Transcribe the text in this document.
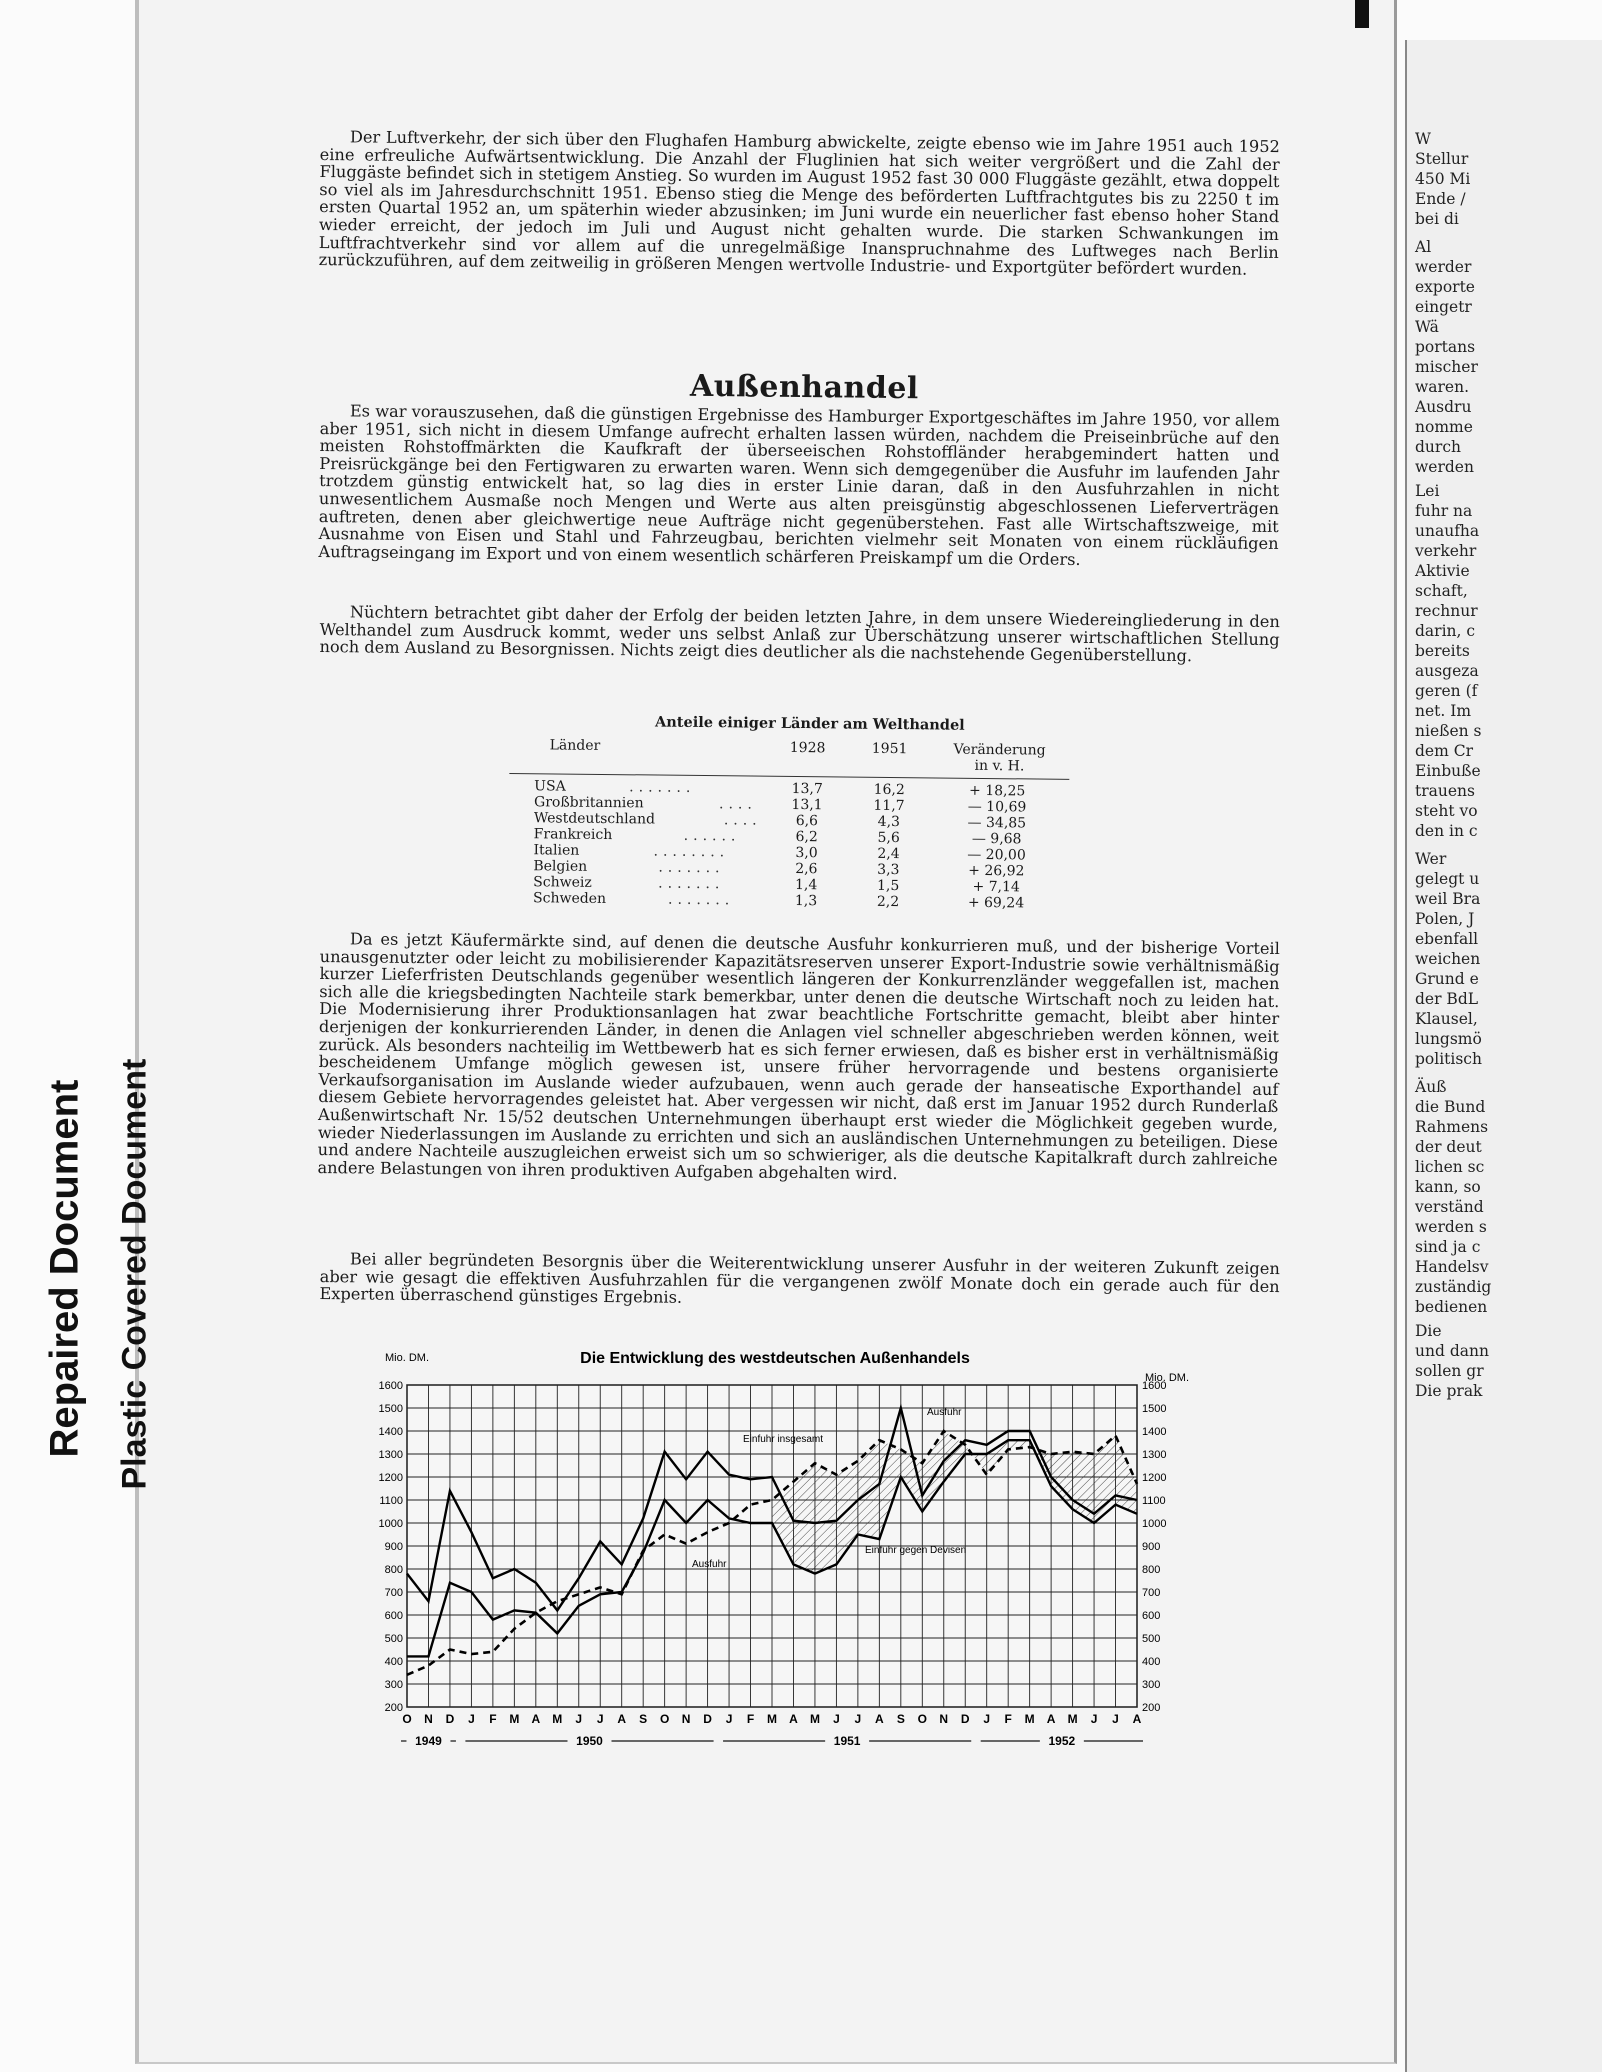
Repaired Document Plastic Covered Document

Der Luftverkehr, der sich über den Flughafen Hamburg abwickelte, zeigte ebenso wie im Jahre 1951 auch 1952 eine erfreuliche Aufwärtsentwicklung. Die Anzahl der Fluglinien hat sich weiter vergrößert und die Zahl der Fluggäste befindet sich in stetigem Anstieg. So wurden im August 1952 fast 30 000 Fluggäste gezählt, etwa doppelt so viel als im Jahresdurchschnitt 1951. Ebenso stieg die Menge des beförderten Luftfrachtgutes bis zu 2250 t im ersten Quartal 1952 an, um späterhin wieder abzusinken; im Juni wurde ein neuerlicher fast ebenso hoher Stand wieder erreicht, der jedoch im Juli und August nicht gehalten wurde. Die starken Schwankungen im Luftfrachtverkehr sind vor allem auf die unregelmäßige Inanspruchnahme des Luftweges nach Berlin zurückzuführen, auf dem zeitweilig in größeren Mengen wertvolle Industrie- und Exportgüter befördert wurden.

Außenhandel

Es war vorauszusehen, daß die günstigen Ergebnisse des Hamburger Exportgeschäftes im Jahre 1950, vor allem aber 1951, sich nicht in diesem Umfange aufrecht erhalten lassen würden, nachdem die Preiseinbrüche auf den meisten Rohstoffmärkten die Kaufkraft der überseeischen Rohstoffländer herabgemindert hatten und Preisrückgänge bei den Fertigwaren zu erwarten waren. Wenn sich demgegenüber die Ausfuhr im laufenden Jahr trotzdem günstig entwickelt hat, so lag dies in erster Linie daran, daß in den Ausfuhrzahlen in nicht unwesentlichem Ausmaße noch Mengen und Werte aus alten preisgünstig abgeschlossenen Lieferverträgen auftreten, denen aber gleichwertige neue Aufträge nicht gegenüberstehen. Fast alle Wirtschaftszweige, mit Ausnahme von Eisen und Stahl und Fahrzeugbau, berichten vielmehr seit Monaten von einem rückläufigen Auftragseingang im Export und von einem wesentlich schärferen Preiskampf um die Orders.

Nüchtern betrachtet gibt daher der Erfolg der beiden letzten Jahre, in dem unsere Wiedereingliederung in den Welthandel zum Ausdruck kommt, weder uns selbst Anlaß zur Überschätzung unserer wirtschaftlichen Stellung noch dem Ausland zu Besorgnissen. Nichts zeigt dies deutlicher als die nachstehende Gegenüberstellung.

Anteile einiger Länder am Welthandel
Länder	1928	1951	Veränderung in v. H.
USA	.......	13,7	16,2	+ 18,25
Großbritannien	....	13,1	11,7	— 10,69
Westdeutschland	....	6,6	4,3	— 34,85
Frankreich	......	6,2	5,6	— 9,68
Italien	........	3,0	2,4	— 20,00
Belgien	.......	2,6	3,3	+ 26,92
Schweiz	.......	1,4	1,5	+ 7,14
Schweden	.......	1,3	2,2	+ 69,24

Da es jetzt Käufermärkte sind, auf denen die deutsche Ausfuhr konkurrieren muß, und der bisherige Vorteil unausgenutzter oder leicht zu mobilisierender Kapazitätsreserven unserer Export-Industrie sowie verhältnismäßig kurzer Lieferfristen Deutschlands gegenüber wesentlich längeren der Konkurrenzländer weggefallen ist, machen sich alle die kriegsbedingten Nachteile stark bemerkbar, unter denen die deutsche Wirtschaft noch zu leiden hat. Die Modernisierung ihrer Produktionsanlagen hat zwar beachtliche Fortschritte gemacht, bleibt aber hinter derjenigen der konkurrierenden Länder, in denen die Anlagen viel schneller abgeschrieben werden können, weit zurück. Als besonders nachteilig im Wettbewerb hat es sich ferner erwiesen, daß es bisher erst in verhältnismäßig bescheidenem Umfange möglich gewesen ist, unsere früher hervorragende und bestens organisierte Verkaufsorganisation im Auslande wieder aufzubauen, wenn auch gerade der hanseatische Exporthandel auf diesem Gebiete hervorragendes geleistet hat. Aber vergessen wir nicht, daß erst im Januar 1952 durch Runderlaß Außenwirtschaft Nr. 15/52 deutschen Unternehmungen überhaupt erst wieder die Möglichkeit gegeben wurde, wieder Niederlassungen im Auslande zu errichten und sich an ausländischen Unternehmungen zu beteiligen. Diese und andere Nachteile auszugleichen erweist sich um so schwieriger, als die deutsche Kapitalkraft durch zahlreiche andere Belastungen von ihren produktiven Aufgaben abgehalten wird.

Bei aller begründeten Besorgnis über die Weiterentwicklung unserer Ausfuhr in der weiteren Zukunft zeigen aber wie gesagt die effektiven Ausfuhrzahlen für die vergangenen zwölf Monate doch ein gerade auch für den Experten überraschend günstiges Ergebnis.

Die Entwicklung des westdeutschen Außenhandels
200
300
400
500
600
700
800
900
1000
1100
1200
1300
1400
1500
1600
200
300
400
500
600
700
800
900
1000
1100
1200
1300
1400
1500
1600
O N D J F M A M J J A S O N D J F M A M J J A S O N D J F M A M J J A
1949	1950	1951	1952
Mio. DM.
Mio. DM.
Einfuhr insgesamt
Einfuhr gegen Devisen
Ausfuhr
Ausfuhr
W
Stellur
450 Mi
Ende /
bei di
Al
werder
exporte
eingetr
Wä
portans
mischer
waren.
Ausdru
nomme
durch
werden
Lei
fuhr na
unaufha
verkehr
Aktivie
schaft,
rechnur
darin, c
bereits
ausgeza
geren (f
net. Im
nießen s
dem Cr
Einbuße
trauens
steht vo
den in c
Wer
gelegt u
weil Bra
Polen, J
ebenfall
weichen
Grund e
der BdL
Klausel,
lungsmö
politisch
Äuß
die Bund
Rahmens
der deut
lichen sc
kann, so
verständ
werden s
sind ja c
Handelsv
zuständig
bedienen
Die
und dann
sollen gr
Die prak
